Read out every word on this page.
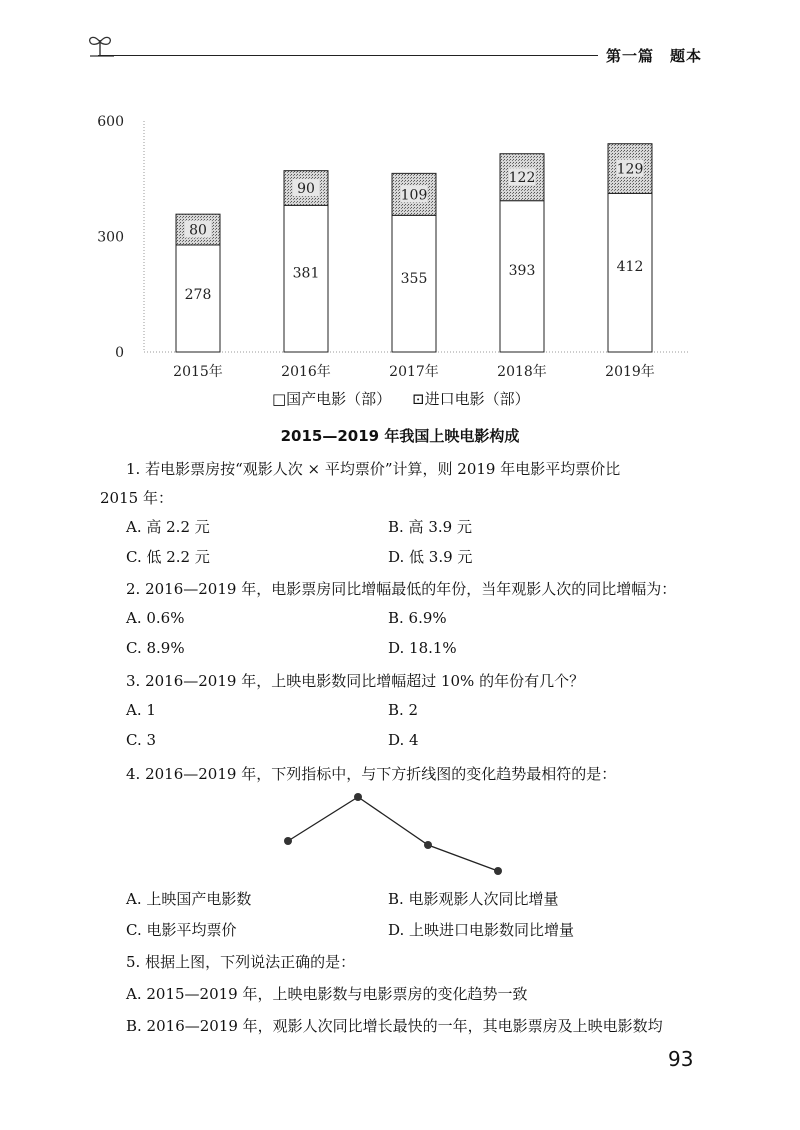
第一篇　题本
0
300
600
278
80
381
90
355
109
393
122
412
129
2015年	2016年	2017年	2018年	2019年
□国产电影（部） ⊡进口电影（部）
2015—2019 年我国上映电影构成
1. 若电影票房按“观影人次 × 平均票价”计算，则 2019 年电影平均票价比
2015 年：
A. 高 2.2 元	B. 高 3.9 元
C. 低 2.2 元	D. 低 3.9 元
2. 2016—2019 年，电影票房同比增幅最低的年份，当年观影人次的同比增幅为：
A. 0.6%	B. 6.9%
C. 8.9%	D. 18.1%
3. 2016—2019 年，上映电影数同比增幅超过 10% 的年份有几个？
A. 1	B. 2
C. 3	D. 4
4. 2016—2019 年，下列指标中，与下方折线图的变化趋势最相符的是：
A. 上映国产电影数	B. 电影观影人次同比增量
C. 电影平均票价	D. 上映进口电影数同比增量
5. 根据上图，下列说法正确的是：
A. 2015—2019 年，上映电影数与电影票房的变化趋势一致
B. 2016—2019 年，观影人次同比增长最快的一年，其电影票房及上映电影数均
93
